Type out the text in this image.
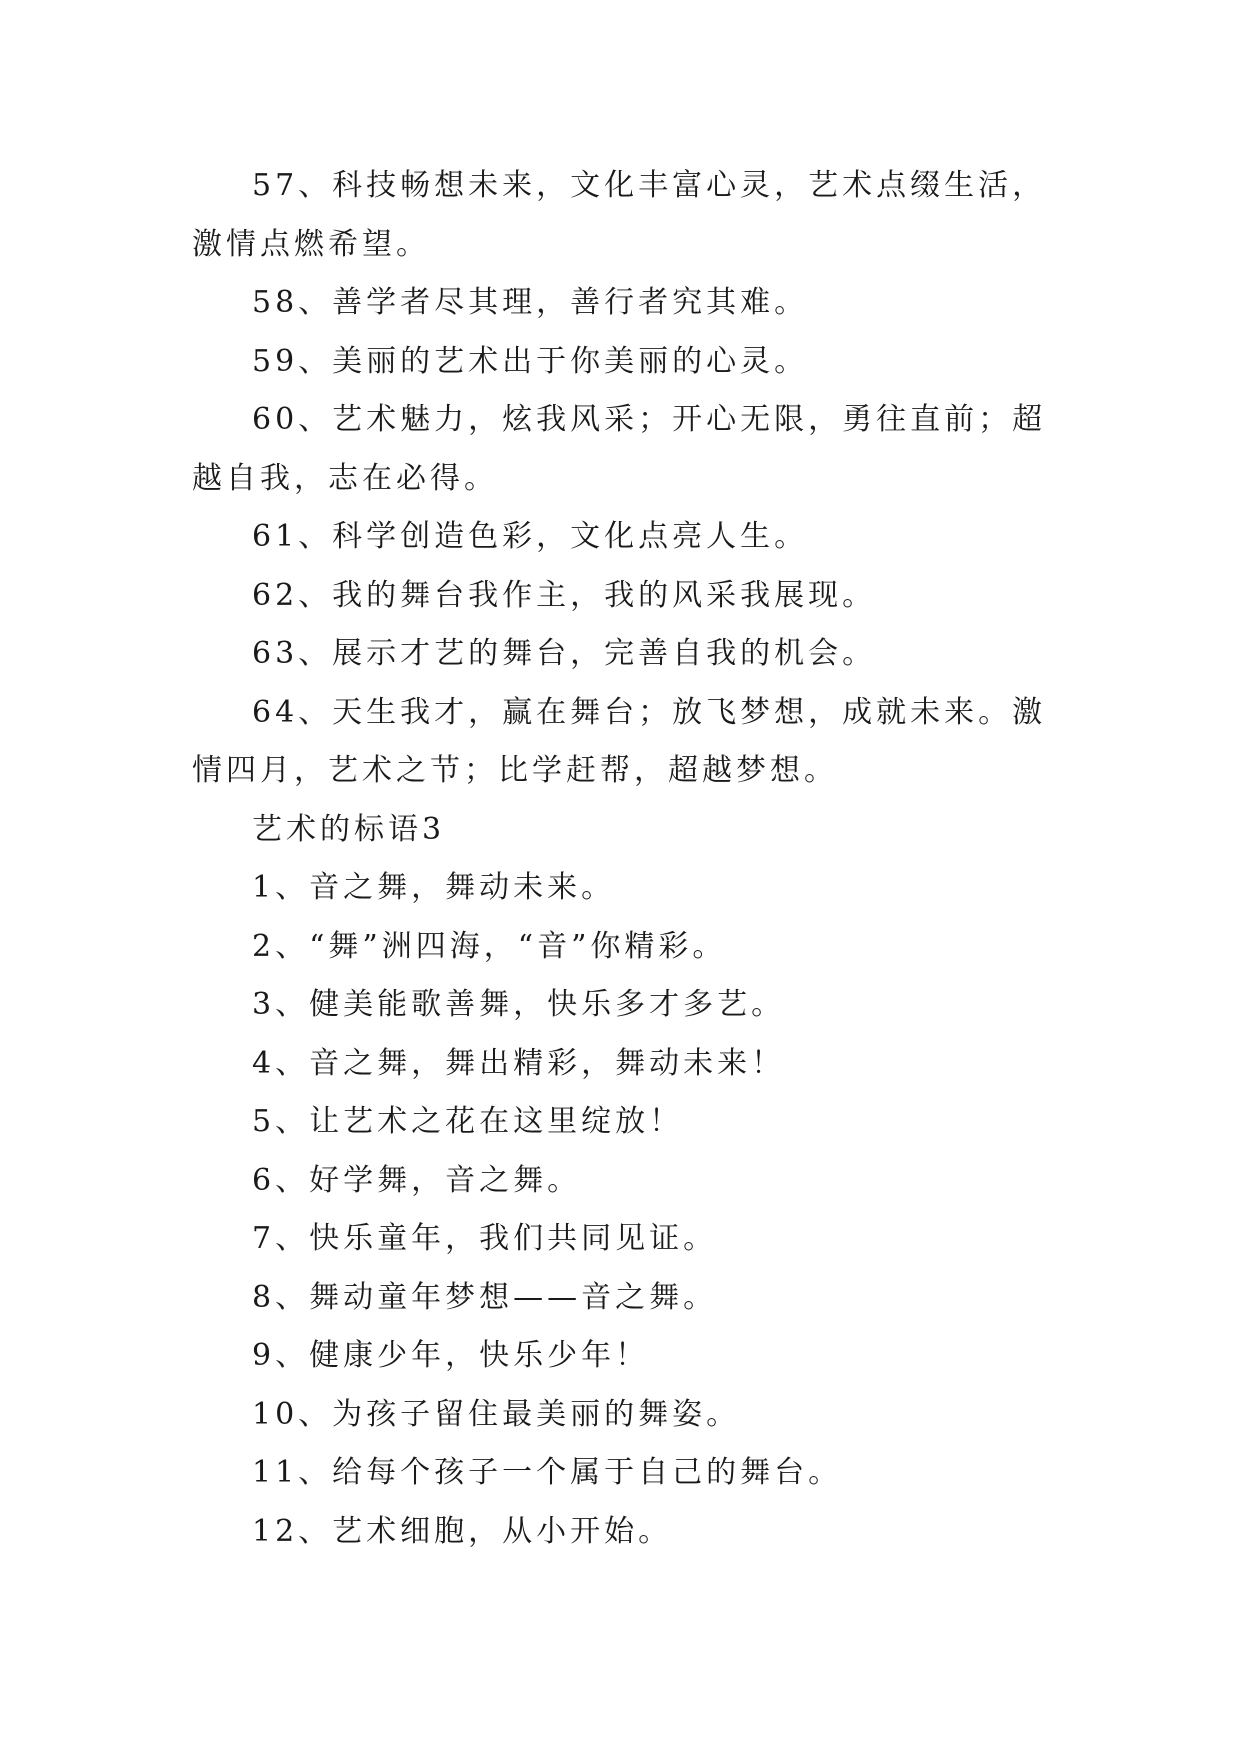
57、科技畅想未来，文化丰富心灵，艺术点缀生活，激情点燃希望。

58、善学者尽其理，善行者究其难。

59、美丽的艺术出于你美丽的心灵。

60、艺术魅力，炫我风采；开心无限，勇往直前；超越自我，志在必得。

61、科学创造色彩，文化点亮人生。

62、我的舞台我作主，我的风采我展现。

63、展示才艺的舞台，完善自我的机会。

64、天生我才，赢在舞台；放飞梦想，成就未来。激情四月，艺术之节；比学赶帮，超越梦想。

艺术的标语3

1、音之舞，舞动未来。

2、“舞”洲四海，“音”你精彩。

3、健美能歌善舞，快乐多才多艺。

4、音之舞，舞出精彩，舞动未来！

5、让艺术之花在这里绽放！

6、好学舞，音之舞。

7、快乐童年，我们共同见证。

8、舞动童年梦想——音之舞。

9、健康少年，快乐少年！

10、为孩子留住最美丽的舞姿。

11、给每个孩子一个属于自己的舞台。

12、艺术细胞，从小开始。
